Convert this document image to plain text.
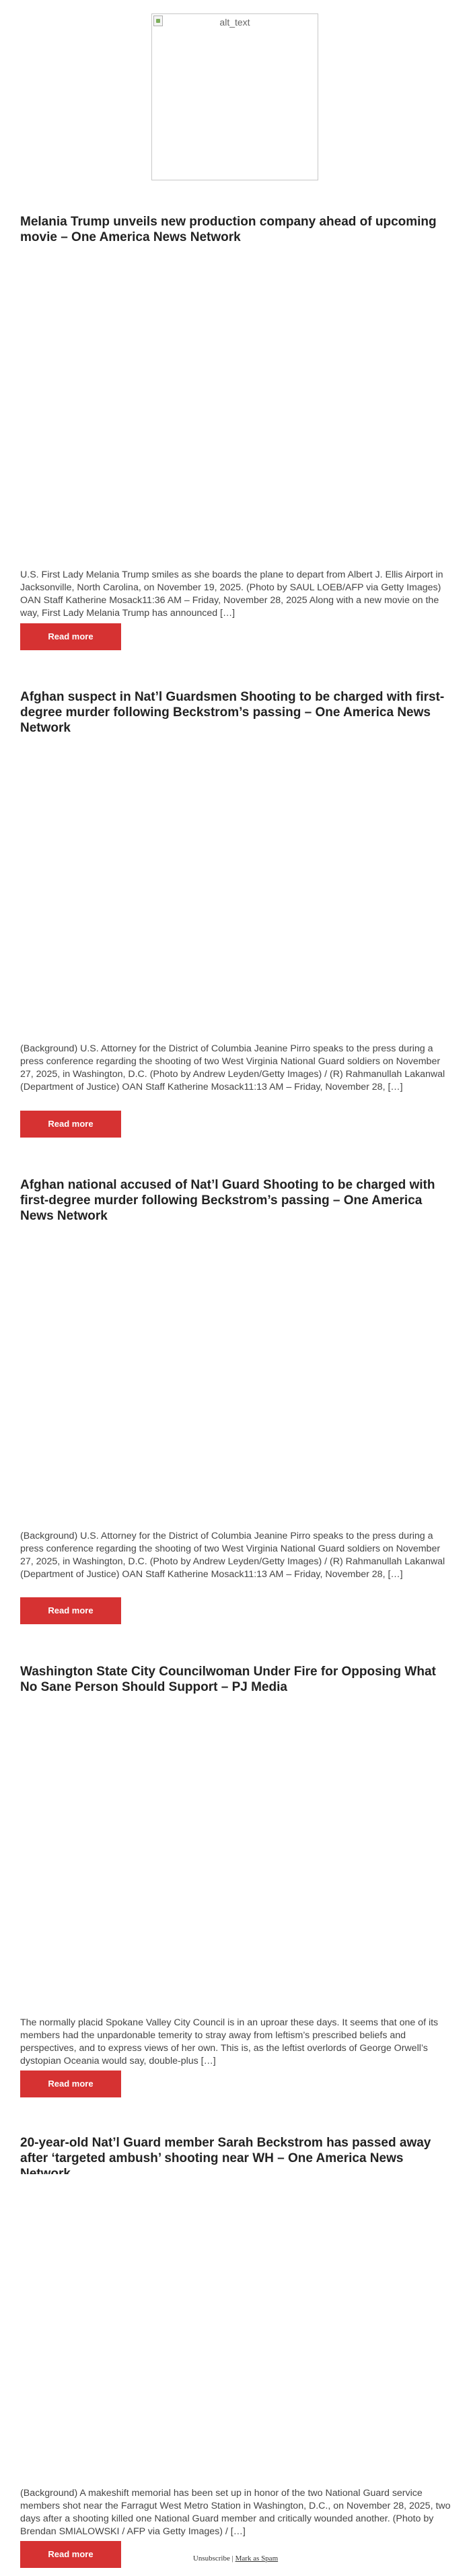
alt_text
Melania Trump unveils new production company ahead of upcoming movie – One America News Network

U.S. First Lady Melania Trump smiles as she boards the plane to depart from Albert J. Ellis Airport in Jacksonville, North Carolina, on November 19, 2025. (Photo by SAUL LOEB/AFP via Getty Images) OAN Staff Katherine Mosack11:36 AM – Friday, November 28, 2025 Along with a new movie on the way, First Lady Melania Trump has announced […]

Read more
Afghan suspect in Nat’l Guardsmen Shooting to be charged with first-degree murder following Beckstrom’s passing – One America News Network

(Background) U.S. Attorney for the District of Columbia Jeanine Pirro speaks to the press during a press conference regarding the shooting of two West Virginia National Guard soldiers on November 27, 2025, in Washington, D.C. (Photo by Andrew Leyden/Getty Images) / (R) Rahmanullah Lakanwal (Department of Justice) OAN Staff Katherine Mosack11:13 AM – Friday, November 28, […]

Read more
Afghan national accused of Nat’l Guard Shooting to be charged with first-degree murder following Beckstrom’s passing – One America News Network

(Background) U.S. Attorney for the District of Columbia Jeanine Pirro speaks to the press during a press conference regarding the shooting of two West Virginia National Guard soldiers on November 27, 2025, in Washington, D.C. (Photo by Andrew Leyden/Getty Images) / (R) Rahmanullah Lakanwal (Department of Justice) OAN Staff Katherine Mosack11:13 AM – Friday, November 28, […]

Read more
Washington State City Councilwoman Under Fire for Opposing What No Sane Person Should Support – PJ Media

The normally placid Spokane Valley City Council is in an uproar these days. It seems that one of its members had the unpardonable temerity to stray away from leftism’s prescribed beliefs and perspectives, and to express views of her own. This is, as the leftist overlords of George Orwell’s dystopian Oceania would say, double-plus […]

Read more
20-year-old Nat’l Guard member Sarah Beckstrom has passed away after ‘targeted ambush’ shooting near WH – One America News

(Background) A makeshift memorial has been set up in honor of the two National Guard service members shot near the Farragut West Metro Station in Washington, D.C., on November 28, 2025, two days after a shooting killed one National Guard member and critically wounded another. (Photo by Brendan SMIALOWSKI / AFP via Getty Images) / […]

Read more	Unsubscribe | Mark as Spam
